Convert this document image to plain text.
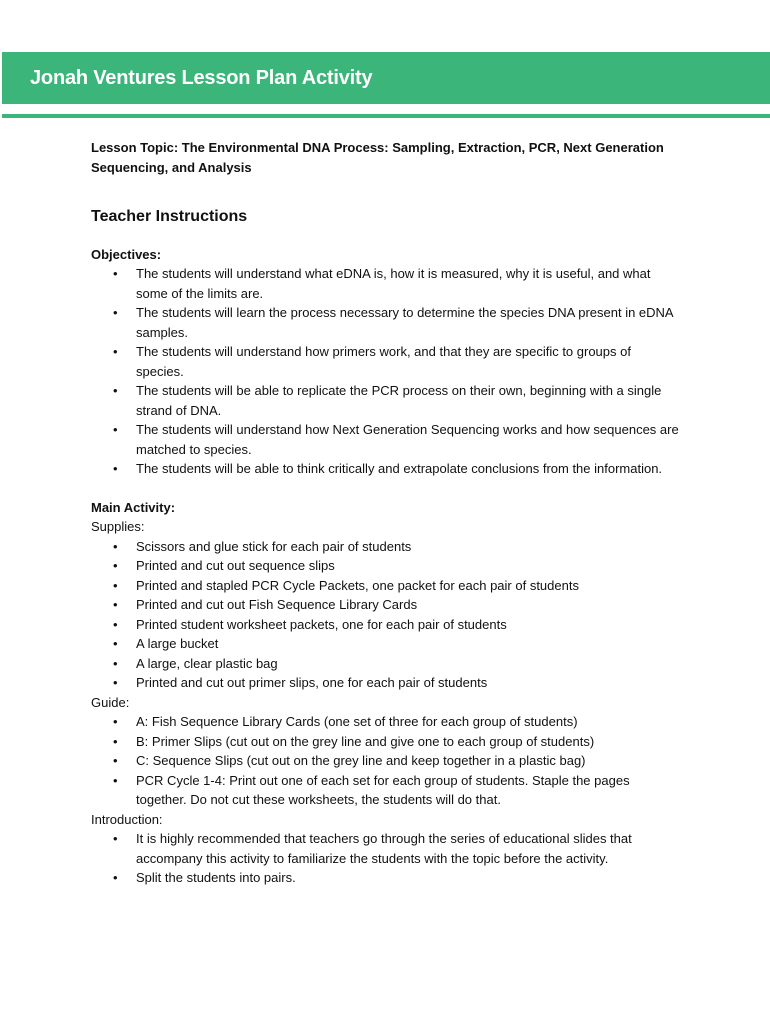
Jonah Ventures Lesson Plan Activity

Lesson Topic: The Environmental DNA Process: Sampling, Extraction, PCR, Next Generation Sequencing, and Analysis

Teacher Instructions
Objectives:
• The students will understand what eDNA is, how it is measured, why it is useful, and what some of the limits are.
• The students will learn the process necessary to determine the species DNA present in eDNA samples.
• The students will understand how primers work, and that they are specific to groups of species.
• The students will be able to replicate the PCR process on their own, beginning with a single strand of DNA.
• The students will understand how Next Generation Sequencing works and how sequences are matched to species.
• The students will be able to think critically and extrapolate conclusions from the information.
Main Activity:
Supplies:
• Scissors and glue stick for each pair of students
• Printed and cut out sequence slips
• Printed and stapled PCR Cycle Packets, one packet for each pair of students
• Printed and cut out Fish Sequence Library Cards
• Printed student worksheet packets, one for each pair of students
• A large bucket
• A large, clear plastic bag
• Printed and cut out primer slips, one for each pair of students
Guide:
• A: Fish Sequence Library Cards (one set of three for each group of students)
• B: Primer Slips (cut out on the grey line and give one to each group of students)
• C: Sequence Slips (cut out on the grey line and keep together in a plastic bag)
• PCR Cycle 1-4: Print out one of each set for each group of students. Staple the pages together. Do not cut these worksheets, the students will do that.
Introduction:
• It is highly recommended that teachers go through the series of educational slides that accompany this activity to familiarize the students with the topic before the activity.
• Split the students into pairs.
